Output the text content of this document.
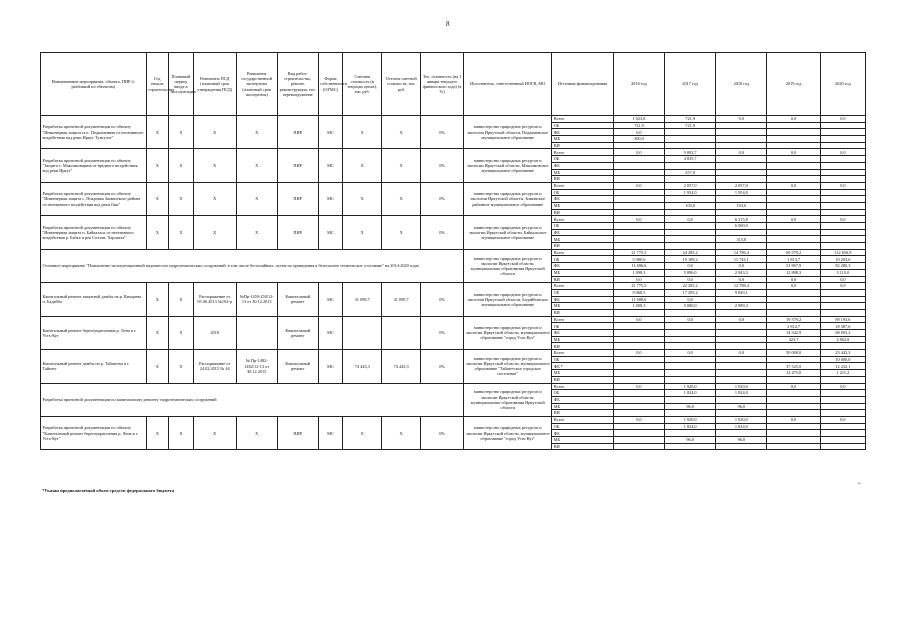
8
Наименование мероприятия, объекта, ПИР (с разбивкой по объектам)	Год начала строительства	Плановый период ввода в эксплуатацию	Реквизиты ПСД (плановый срок утверждения ПСД)	Реквизиты государственной экспертизы (плановый срок экспертизы)	Вид работ: строительство, ремонт, реконструкция, тех. перевооружение	Форма собственности (ОГМС)	Сметная стоимость (в текущих ценах), тыс руб.	Остаток сметной стоимости, тыс руб	Тех. готовность (на 1 января текущего финансового года) (в %)	Исполнитель, ответственный ИОГВ, МО	Источник финансирования	2016 год	2017 год	2018 год	2019 год	2020 год
Разработка проектной документации по объекту "Инженерная защита пос. Подкаменная от негативного воздействия вод реки Иркут Тунгуэта"	X	X	X	X	ПИР	МС	X	X	0%	министерство природных ресурсов и экологии Иркутской области, Подкаменское муниципальное образование	Всего	1 023,8	721,9	0,0	0,0	0,0
											ОБ	721,9	721,9			
											ФБ	0,0				
											МБ	300,0				
											ВИ					
Разработка проектной документации по объекту "Защита с. Максимовщина от вредного воздействия вод реки Иркут"	X	X	X	X	ПИР	МС	X	X	0%	министерство природных ресурсов и экологии Иркутской области, Максимовское муниципальное образование	Всего	0,0	5 092,7	0,0	0,0	0,0
											ОБ		4 835,7			
											ФБ					
											МБ		257,0			
											ВИ					
Разработка проектной документации по объекту "Инженерная защита с. Покровка Зиминского района от негативного воздействия вод реки Оки"	X	X	X	X	ПИР	МС	X	X	0%	министерство природных ресурсов и экологии Иркутской области, Зиминское районное муниципальное образование	Всего	0,0	2 057,0	2 057,0	0,0	0,0
											ОБ		1 954,0	1 954,0		
											ФБ					
											МБ		103,0	103,0		
											ВИ					
Разработка проектной документации по объекту "Инженерная защита п. Байкальск от негативного воздействия р. Бабха и рек Солзан, Харлахта"	X	X	X	X	ПИР	МС	X	X	0%	министерство природных ресурсов и экологии Иркутской области, Байкальское муниципальное образование	Всего	0,0	0,0	6 315,8	0,0	0,0
											ОБ			6 000,0		
											ФБ					
											МБ			315,8		
											ВИ					
Основное мероприятие "Повышение эксплуатационной надежности гидротехнических сооружений, в том числе бесхозяйных, путем их приведения в безопасное техническое состояние" на 2014-2020 годы										министерство природных ресурсов и экологии Иркутской области, муниципальные образования Иркутской области	Всего	21 775,5	24 285,2	14 786,4	69 579,2	112 656,9
											ОБ	5 980,6	19 189,2	11 743,1	1 813,7	10 203,6
											ФБ	11 696,6	0,0	0,0	51 867,9	82 280,3
											МБ	1 098,3	5 096,0	2 943,3	12 898,3	3 115,0
											ВИ	0,0	0,0	0,0	0,0	0,0
Капитальный ремонт защитной дамбы на р. Вихорева п. Бадайбо	X	X	Распоряжение от 05.06.2013 №102-р	№Пр-1459-250/12-13 от 30.12.2013	Капитальный ремонт	МС	31 099,7	31 099,7	0%	министерство природных ресурсов и экологии Иркутской области, Бодайбинское муниципальное образование	Всего	21 775,5	22 285,2	12 788,4	0,0	0,0
											ОБ	9 068,5	17 295,2	9 849,1		
											ФБ	11 698,6	0,0			
											МБ	1 008,3	5 000,0	2 989,3		
											ВИ					
Капитальный ремонт берегоукрепления р. Лена в г. Усть-Кут	X	X	2018		Капитальный ремонт	МС			0%	министерство природных ресурсов и экологии Иркутской области, муниципальное образование "город Усть-Кут"	Всего	0,0	0,0	0,0	19 579,2	89 193,6
											ОБ				3 812,7	18 387,6
											ФБ				14 342,9	68 003,2
											МБ				423,7	2 802,8
											ВИ					
Капитальный ремонт дамбы на р. Тайшетка в г. Тайшет	X	X	Распоряжение от 24.02.2015 № 44	№ Пр-1482-1482/12-13 от 30.12.2015	Капитальный ремонт	МС	74 443,3	74 443,3	0%	министерство природных ресурсов и экологии Иркутской области, муниципальное образование "Тайшетское городское поселение"	Всего	0,0	0,0	0,0	50 000,0	23 443,3
											ОБ					10 000,0
											ФБ *				37 525,0	12 232,1
											МБ				12 475,0	1 211,2
											ВИ					
Разработка проектной документации по капитальному ремонту гидротехнических сооружений										министерство природных ресурсов и экологии Иркутской области, муниципальные образования Иркутской области	Всего	0,0	1 920,0	1 920,0	0,0	0,0
											ОБ		1 824,0	1 824,0		
											ФБ					
											МБ		96,0	96,0		
											ВИ					
Разработка проектной документации по объекту "Капитальный ремонт берегоукрепления р. Лена в г. Усть-Кут"	X	X	X	X	ПИР	МС	X	X	0%	министерство природных ресурсов и экологии Иркутской области, муниципальное образование "город Усть-Кут"	Всего	0,0	1 920,0	1 920,0	0,0	0,0
											ОБ		1 824,0	1 824,0		
											ФБ					
											МБ		96,0	96,0		
											ВИ					
*Указан предполагаемый объем средств федерального бюджета
».
